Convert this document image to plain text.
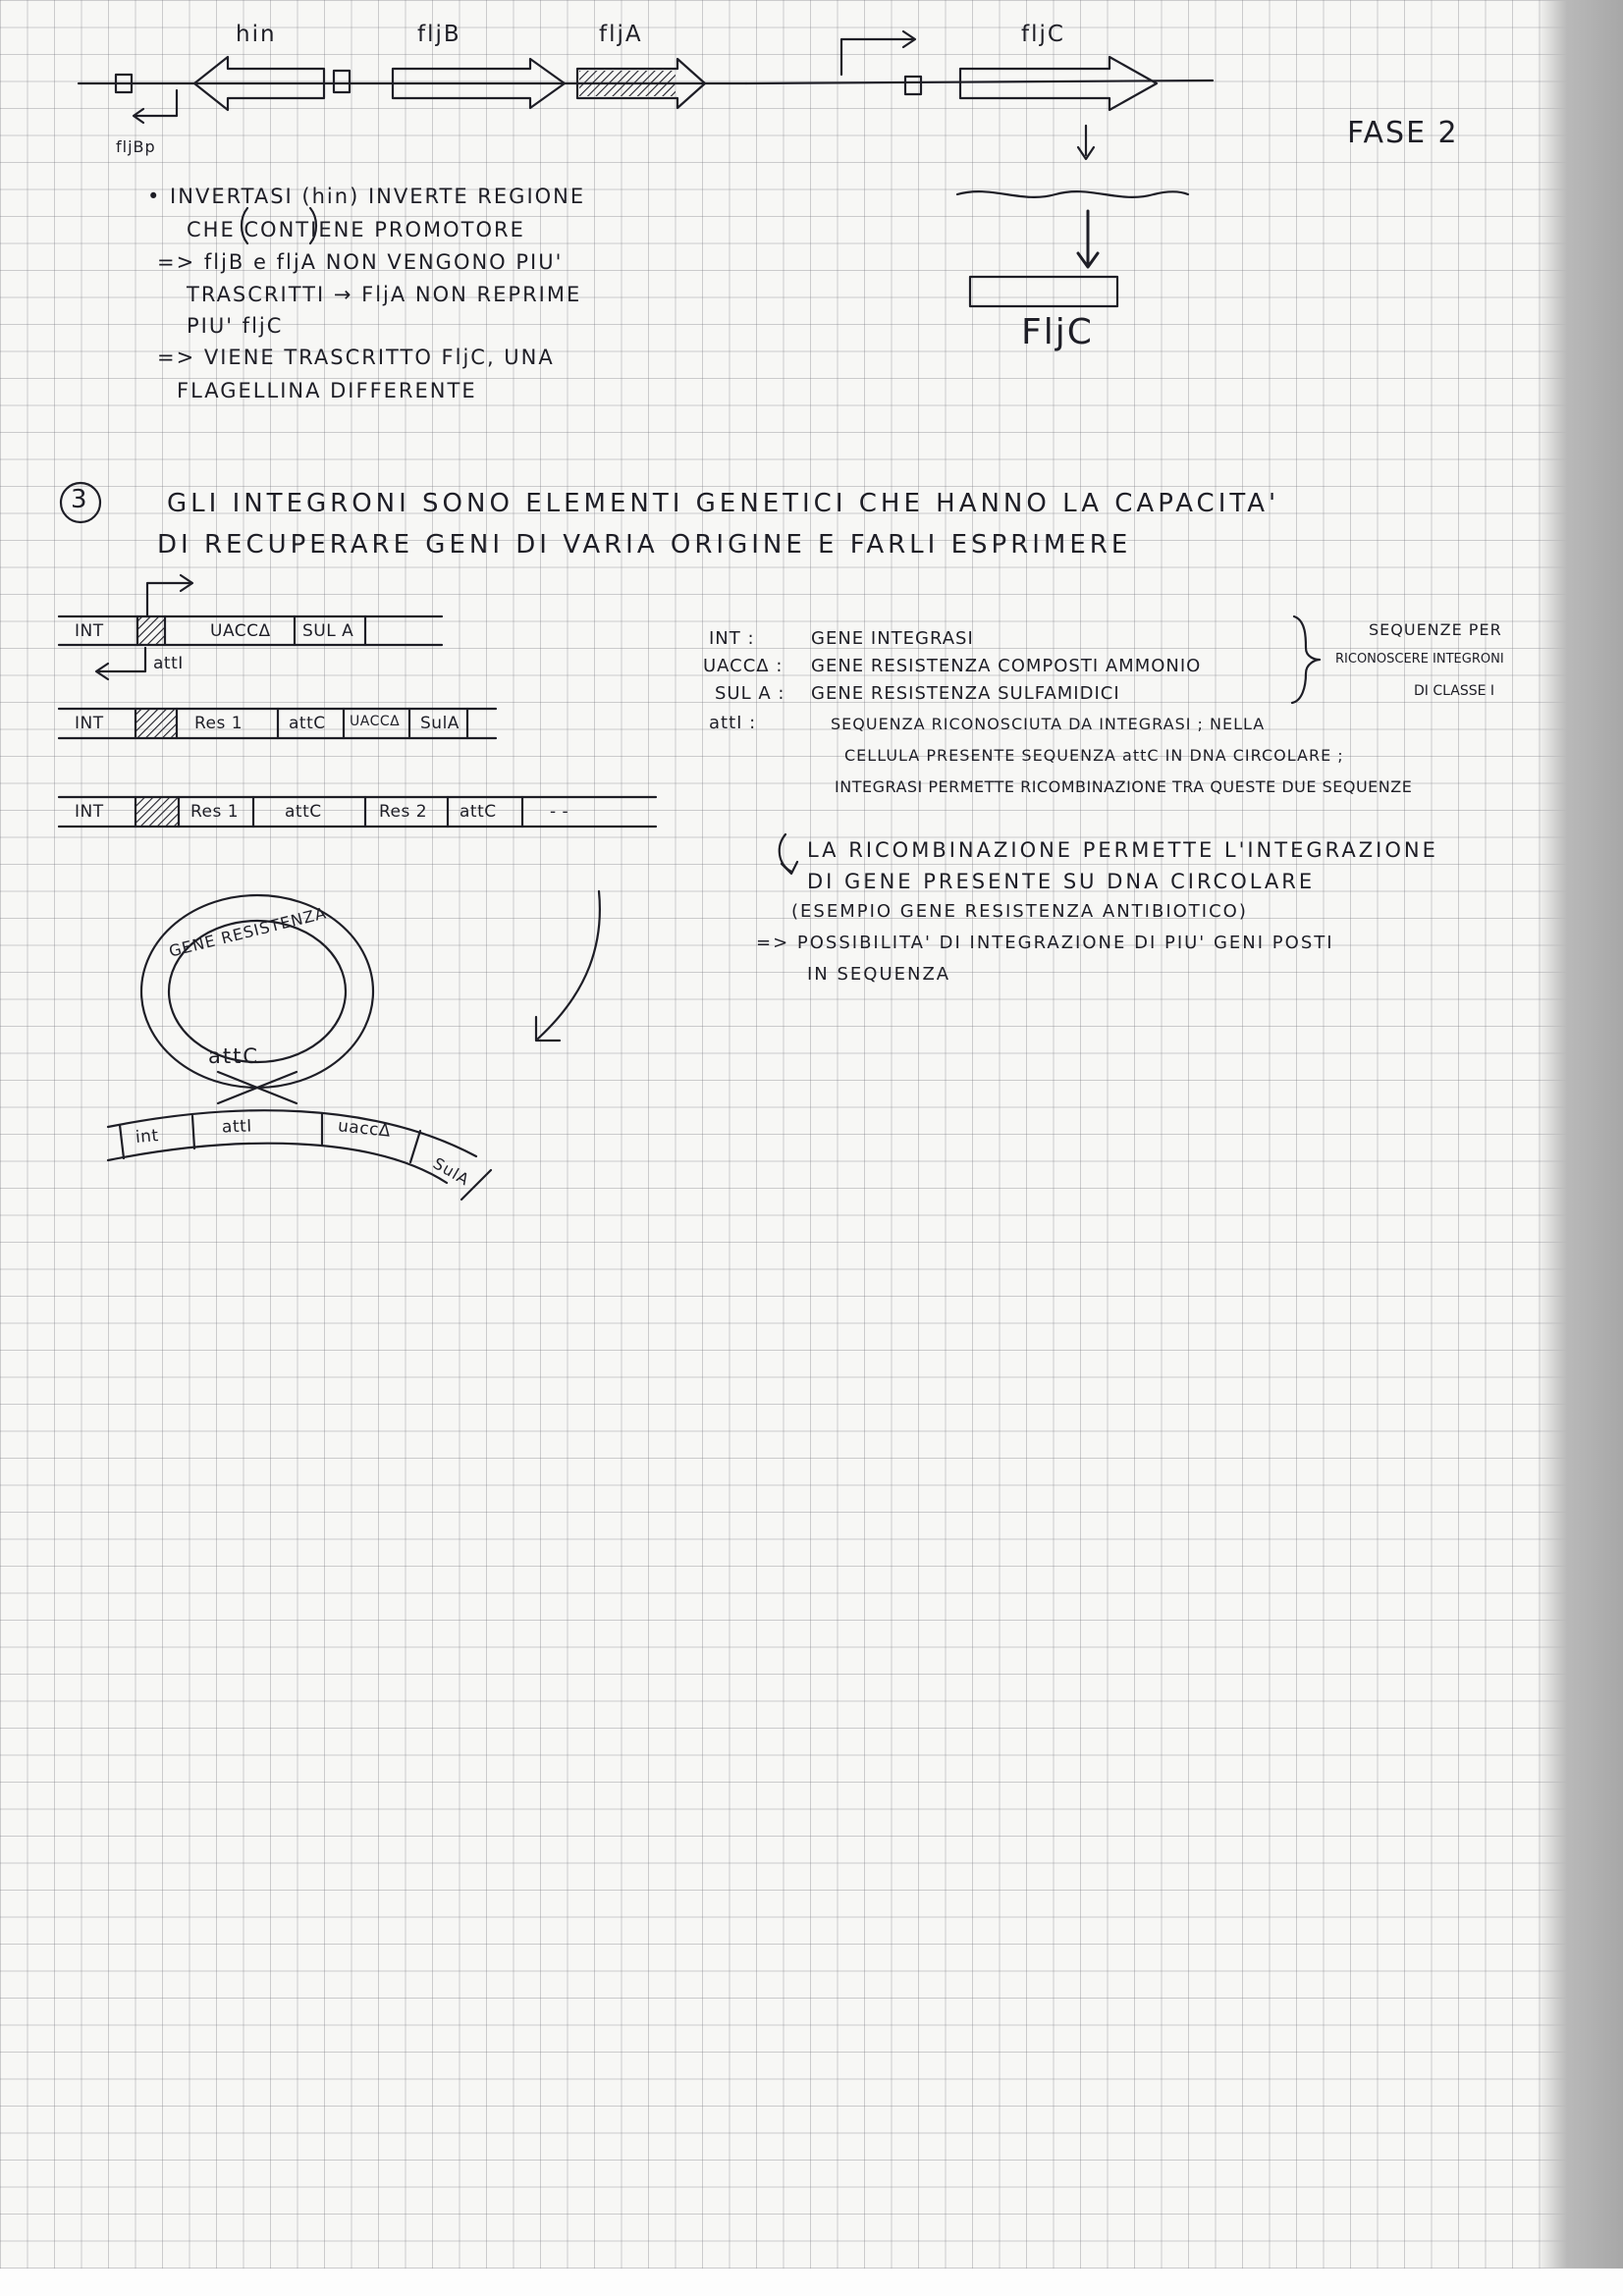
hin	fljB	fljA	fljC
fljBp	FASE 2
FljC
• INVERTASI (hin) INVERTE REGIONE
CHE CONTIENE PROMOTORE
=> fljB e fljA NON VENGONO PIU'
TRASCRITTI → FljA NON REPRIME
PIU' fljC
=> VIENE TRASCRITTO FljC, UNA
FLAGELLINA DIFFERENTE
3	GLI INTEGRONI SONO ELEMENTI GENETICI CHE HANNO LA CAPACITA'
DI RECUPERARE GENI DI VARIA ORIGINE E FARLI ESPRIMERE
INT	UACCΔ SUL A
attI
INT	Res 1	attC UACCΔ SulA
INT	Res 1	attC	Res 2 attC	- -
GENE RESISTENZA
attC
int	attI	uaccΔ
SulA
INT :	GENE INTEGRASI
UACCΔ : GENE RESISTENZA COMPOSTI AMMONIO
SUL A : GENE RESISTENZA SULFAMIDICI
attI :	SEQUENZA RICONOSCIUTA DA INTEGRASI ; NELLA
CELLULA PRESENTE SEQUENZA attC IN DNA CIRCOLARE ;
INTEGRASI PERMETTE RICOMBINAZIONE TRA QUESTE DUE SEQUENZE
SEQUENZE PER
RICONOSCERE INTEGRONI
DI CLASSE I
LA RICOMBINAZIONE PERMETTE L'INTEGRAZIONE
DI GENE PRESENTE SU DNA CIRCOLARE
(ESEMPIO GENE RESISTENZA ANTIBIOTICO)
=> POSSIBILITA' DI INTEGRAZIONE DI PIU' GENI POSTI
IN SEQUENZA
